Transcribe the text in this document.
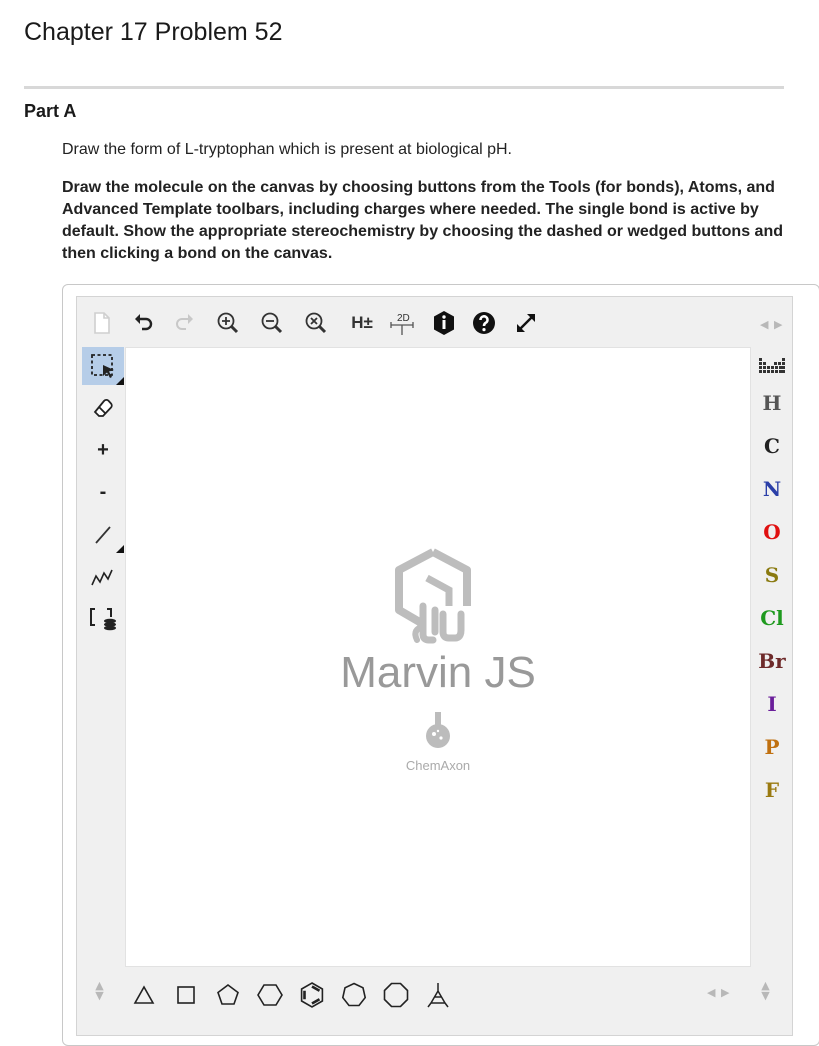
Chapter 17 Problem 52
Part A
Draw the form of L-tryptophan which is present at biological pH.
Draw the molecule on the canvas by choosing buttons from the Tools (for bonds), Atoms, and Advanced Template toolbars, including charges where needed. The single bond is active by default. Show the appropriate stereochemistry by choosing the dashed or wedged buttons and then clicking a bond on the canvas.
H± 2D	◀ ▶
+
-
Marvin JS
ChemAxon
H
C
N
O
S
Cl
Br
I
P
F
▲
▼	◀ ▶
▲
▼
